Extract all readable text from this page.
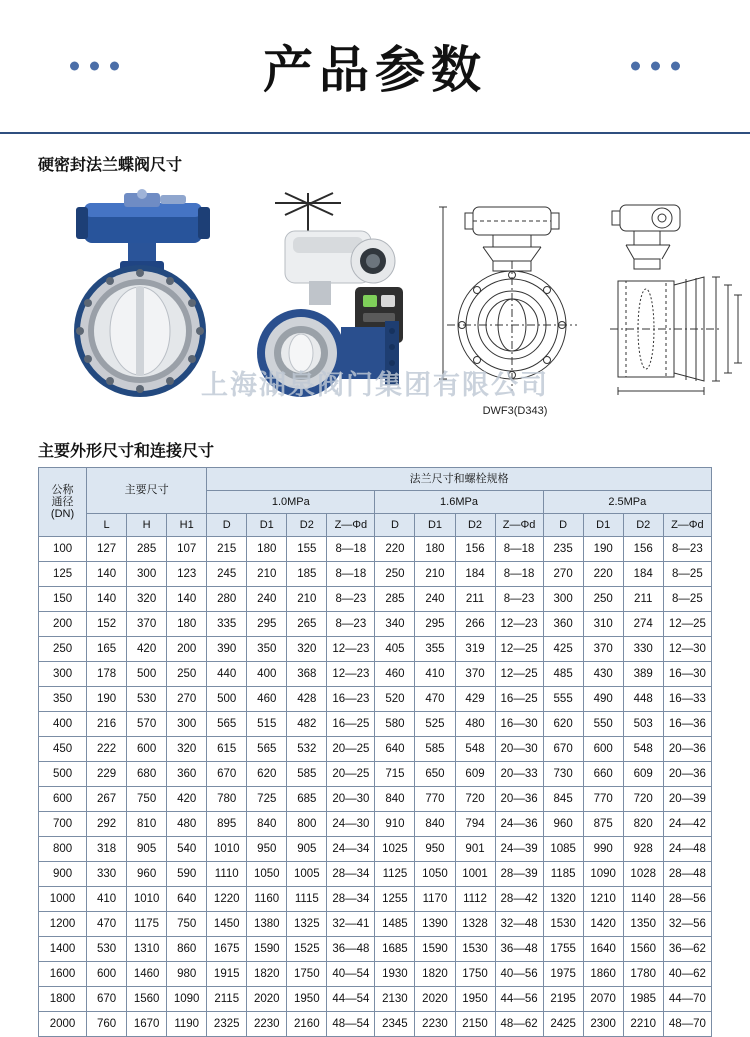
产品参数
硬密封法兰蝶阀尺寸
上海湖泉阀门集团有限公司
DWF3(D343)
主要外形尺寸和连接尺寸
公称
通径
(DN)	主要尺寸			法兰尺寸和螺栓规格											
				1.0MPa				1.6MPa				2.5MPa			
	L	H	H1	D	D1	D2	Z—Φd	D	D1	D2	Z—Φd	D	D1	D2	Z—Φd
100	127	285	107	215	180	155	8—18	220	180	156	8—18	235	190	156	8—23
125	140	300	123	245	210	185	8—18	250	210	184	8—18	270	220	184	8—25
150	140	320	140	280	240	210	8—23	285	240	211	8—23	300	250	211	8—25
200	152	370	180	335	295	265	8—23	340	295	266	12—23	360	310	274	12—25
250	165	420	200	390	350	320	12—23	405	355	319	12—25	425	370	330	12—30
300	178	500	250	440	400	368	12—23	460	410	370	12—25	485	430	389	16—30
350	190	530	270	500	460	428	16—23	520	470	429	16—25	555	490	448	16—33
400	216	570	300	565	515	482	16—25	580	525	480	16—30	620	550	503	16—36
450	222	600	320	615	565	532	20—25	640	585	548	20—30	670	600	548	20—36
500	229	680	360	670	620	585	20—25	715	650	609	20—33	730	660	609	20—36
600	267	750	420	780	725	685	20—30	840	770	720	20—36	845	770	720	20—39
700	292	810	480	895	840	800	24—30	910	840	794	24—36	960	875	820	24—42
800	318	905	540	1010	950	905	24—34	1025	950	901	24—39	1085	990	928	24—48
900	330	960	590	1110	1050	1005	28—34	1125	1050	1001	28—39	1185	1090	1028	28—48
1000	410	1010	640	1220	1160	1115	28—34	1255	1170	1112	28—42	1320	1210	1140	28—56
1200	470	1175	750	1450	1380	1325	32—41	1485	1390	1328	32—48	1530	1420	1350	32—56
1400	530	1310	860	1675	1590	1525	36—48	1685	1590	1530	36—48	1755	1640	1560	36—62
1600	600	1460	980	1915	1820	1750	40—54	1930	1820	1750	40—56	1975	1860	1780	40—62
1800	670	1560	1090	2115	2020	1950	44—54	2130	2020	1950	44—56	2195	2070	1985	44—70
2000	760	1670	1190	2325	2230	2160	48—54	2345	2230	2150	48—62	2425	2300	2210	48—70
